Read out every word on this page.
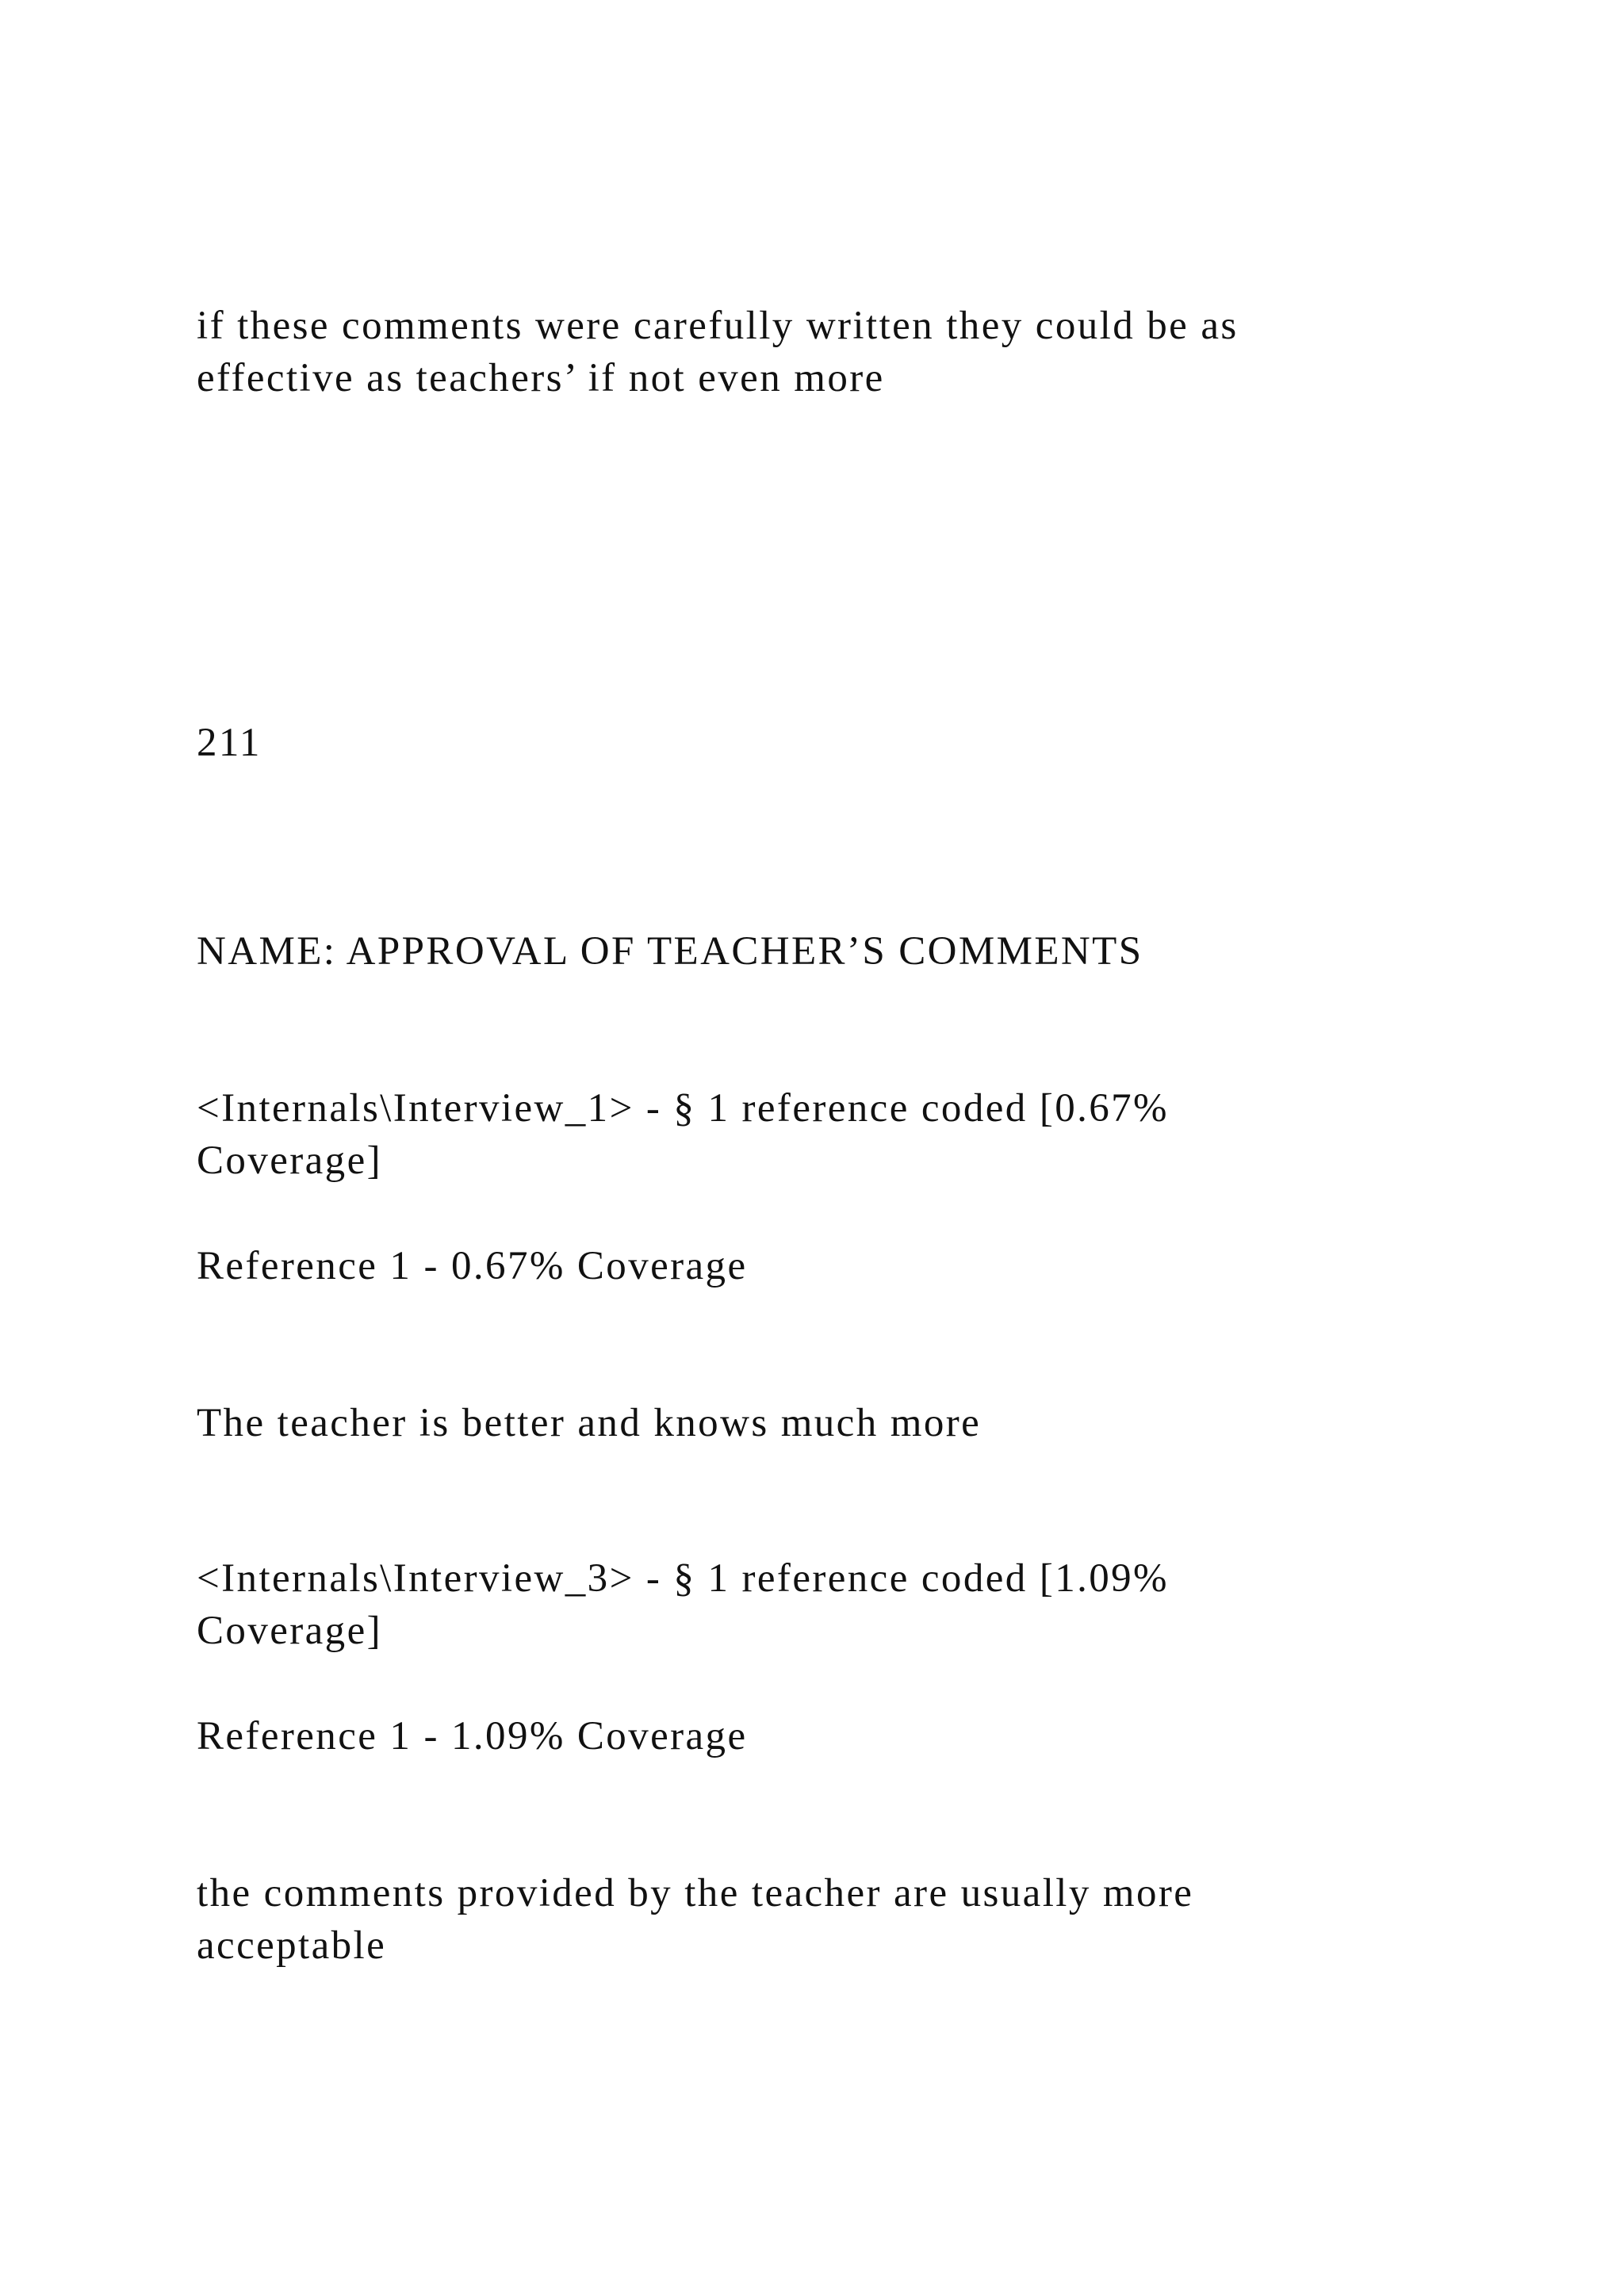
if these comments were carefully written they could be as
effective as teachers’ if not even more

211

NAME: APPROVAL OF TEACHER’S COMMENTS

<Internals\Interview_1> - § 1 reference coded [0.67%
Coverage]

Reference 1 - 0.67% Coverage

The teacher is better and knows much more

<Internals\Interview_3> - § 1 reference coded [1.09%
Coverage]

Reference 1 - 1.09% Coverage

the comments provided by the teacher are usually more
acceptable
